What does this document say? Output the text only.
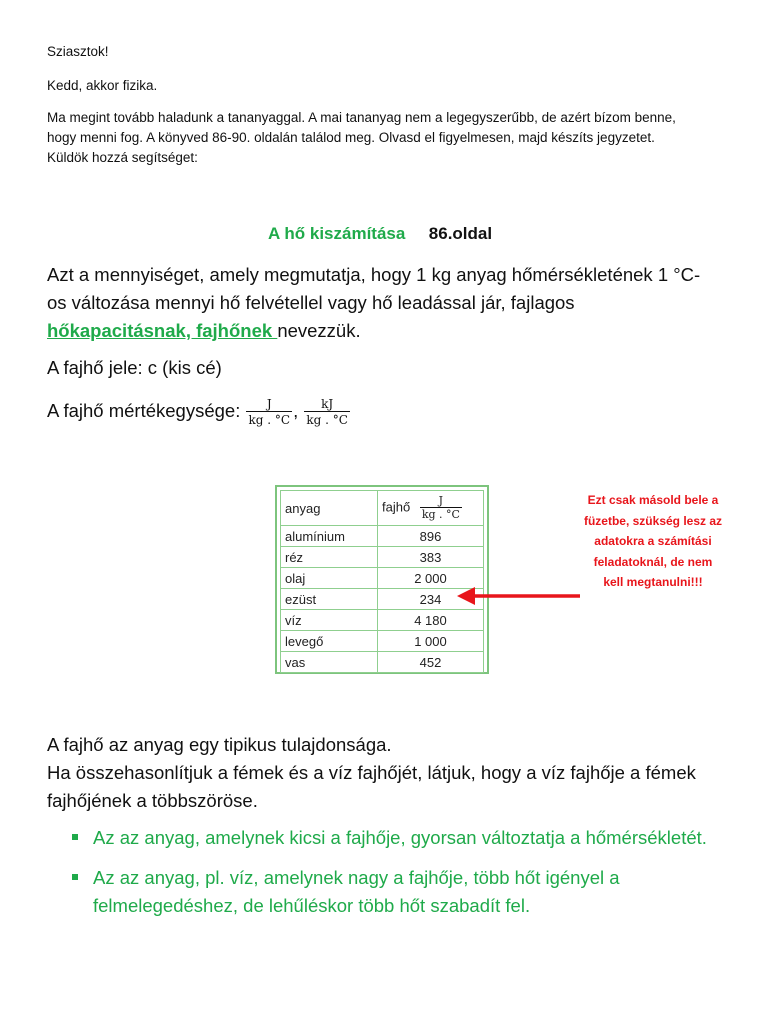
Sziasztok!
Kedd, akkor fizika.
Ma megint tovább haladunk a tananyaggal. A mai tananyag nem a legegyszerűbb, de azért bízom benne,
hogy menni fog. A könyved 86-90. oldalán találod meg. Olvasd el figyelmesen, majd készíts jegyzetet.
Küldök hozzá segítséget:
A hő kiszámítása 86.oldal
Azt a mennyiséget, amely megmutatja, hogy 1 kg anyag hőmérsékletének 1 °C-
os változása mennyi hő felvétellel vagy hő leadással jár, fajlagos
hőkapacitásnak, fajhőnek nevezzük.
A fajhő jele: c (kis cé)
A fajhő mértékegysége: $\frac{J}{kg . ^\circ C}$ , $\frac{kJ}{kg . ^\circ C}$
anyag	fajhő $\frac{J}{kg . ^\circ C}$

alumínium	896
réz	383
olaj	2 000
ezüst	234
víz	4 180
levegő	1 000
vas	452
Ezt csak másold bele a
füzetbe, szükség lesz az
adatokra a számítási
feladatoknál, de nem
kell megtanulni!!!
A fajhő az anyag egy tipikus tulajdonsága.
Ha összehasonlítjuk a fémek és a víz fajhőjét, látjuk, hogy a víz fajhője a fémek
fajhőjének a többszöröse.
Az az anyag, amelynek kicsi a fajhője, gyorsan változtatja a hőmérsékletét.
Az az anyag, pl. víz, amelynek nagy a fajhője, több hőt igényel a
felmelegedéshez, de lehűléskor több hőt szabadít fel.
